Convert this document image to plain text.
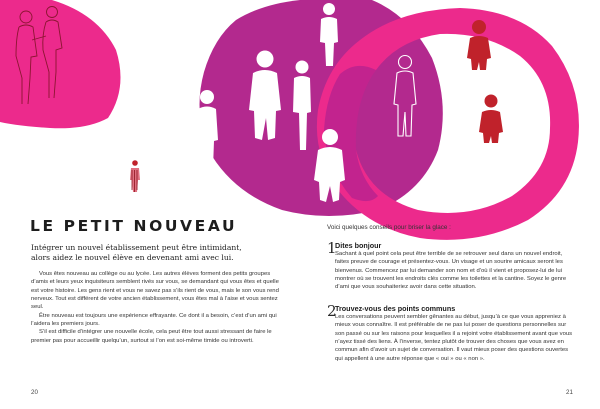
LE PETIT NOUVEAU

Intégrer un nouvel établissement peut être intimidant,
alors aidez le nouvel élève en devenant ami avec lui.

Vous êtes nouveau au collège ou au lycée. Les autres élèves forment des petits groupes d’amis et leurs yeux inquisiteurs semblent rivés sur vous, se demandant qui vous êtes et quelle est votre histoire. Les gens rient et vous ne savez pas s’ils rient de vous, mais le son vous rend nerveux. Tout est différent de votre ancien établissement, vous êtes mal à l’aise et vous sentez seul.

Être nouveau est toujours une expérience effrayante. Ce dont il a besoin, c’est d’un ami qui l’aidera les premiers jours.

S’il est difficile d’intégrer une nouvelle école, cela peut être tout aussi stressant de faire le premier pas pour accueillir quelqu’un, surtout si l’on est soi-même timide ou introverti.

20

Voici quelques conseils pour briser la glace :

1
Dites bonjour

Sachant à quel point cela peut être terrible de se retrouver seul dans un nouvel endroit, faites preuve de courage et présentez-vous. Un visage et un sourire amicaux seront les bienvenus. Commencez par lui demander son nom et d’où il vient et proposez-lui de lui montrer où se trouvent les endroits clés comme les toilettes et la cantine. Soyez le genre d’ami que vous souhaiteriez avoir dans cette situation.

2
Trouvez-vous des points communs

Les conversations peuvent sembler gênantes au début, jusqu’à ce que vous appreniez à mieux vous connaître. Il est préférable de ne pas lui poser de questions personnelles sur son passé ou sur les raisons pour lesquelles il a rejoint votre établissement avant que vous n’ayez tissé des liens. À l’inverse, tentez plutôt de trouver des choses que vous avez en commun afin d’avoir un sujet de conversation. Il vaut mieux poser des questions ouvertes qui appellent à une autre réponse que « oui » ou « non ».

21
